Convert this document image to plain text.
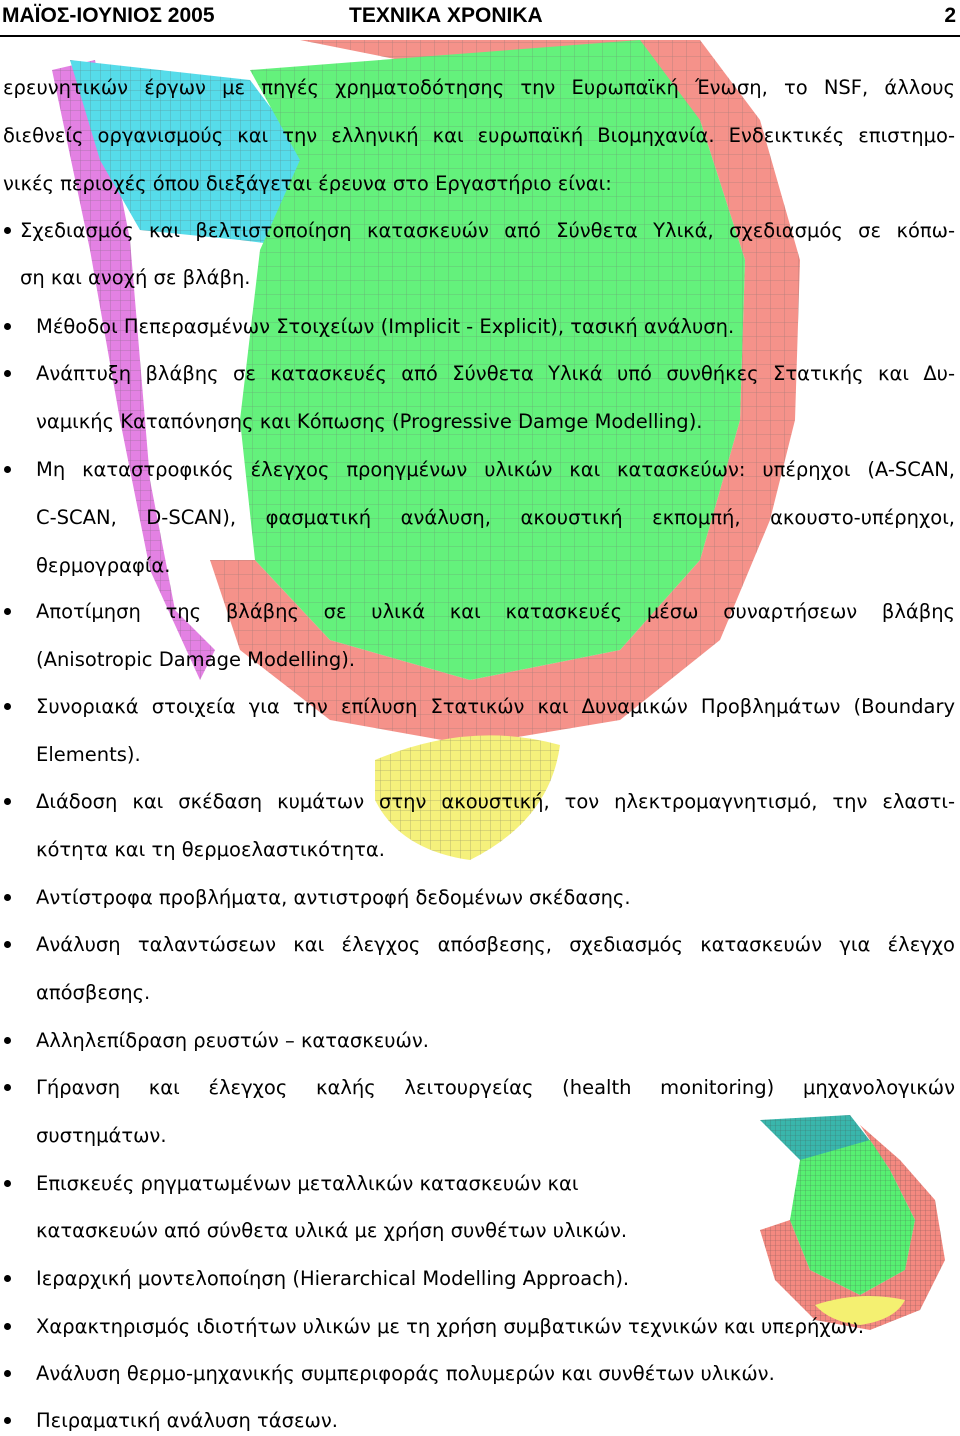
ΜΑΪΟΣ-ΙΟΥΝΙΟΣ 2005	ΤΕΧΝΙΚΑ ΧΡΟΝΙΚΑ	2
ερευνητικών έργων με πηγές χρηματοδότησης την Ευρωπαϊκή Ένωση, το NSF, άλλους
διεθνείς οργανισμούς και την ελληνική και ευρωπαϊκή Βιομηχανία. Ενδεικτικές επιστημο-
νικές περιοχές όπου διεξάγεται έρευνα στο Εργαστήριο είναι:
Σχεδιασμός και βελτιστοποίηση κατασκευών από Σύνθετα Υλικά, σχεδιασμός σε κόπω-
ση και ανοχή σε βλάβη.
Μέθοδοι Πεπερασμένων Στοιχείων (Implicit - Explicit), τασική ανάλυση.
Ανάπτυξη βλάβης σε κατασκευές από Σύνθετα Υλικά υπό συνθήκες Στατικής και Δυ-
ναμικής Καταπόνησης και Κόπωσης (Progressive Damge Modelling).
Μη καταστροφικός έλεγχος προηγμένων υλικών και κατασκεύων: υπέρηχοι (A-SCAN,
C-SCAN, D-SCAN), φασματική ανάλυση, ακουστική εκπομπή, ακουστο-υπέρηχοι,
θερμογραφία.
Αποτίμηση της βλάβης σε υλικά και κατασκευές μέσω συναρτήσεων βλάβης
(Anisotropic Damage Modelling).
Συνοριακά στοιχεία για την επίλυση Στατικών και Δυναμικών Προβλημάτων (Boundary
Elements).
Διάδοση και σκέδαση κυμάτων στην ακουστική, τον ηλεκτρομαγνητισμό, την ελαστι-
κότητα και τη θερμοελαστικότητα.
Αντίστροφα προβλήματα, αντιστροφή δεδομένων σκέδασης.
Ανάλυση ταλαντώσεων και έλεγχος απόσβεσης, σχεδιασμός κατασκευών για έλεγχο
απόσβεσης.
Αλληλεπίδραση ρευστών – κατασκευών.
Γήρανση και έλεγχος καλής λειτουργείας (health monitoring) μηχανολογικών
συστημάτων.
Επισκευές ρηγματωμένων μεταλλικών κατασκευών και
κατασκευών από σύνθετα υλικά με χρήση συνθέτων υλικών.
Ιεραρχική μοντελοποίηση (Hierarchical Modelling Approach).
Χαρακτηρισμός ιδιοτήτων υλικών με τη χρήση συμβατικών τεχνικών και υπερήχων.
Ανάλυση θερμο-μηχανικής συμπεριφοράς πολυμερών και συνθέτων υλικών.
Πειραματική ανάλυση τάσεων.
